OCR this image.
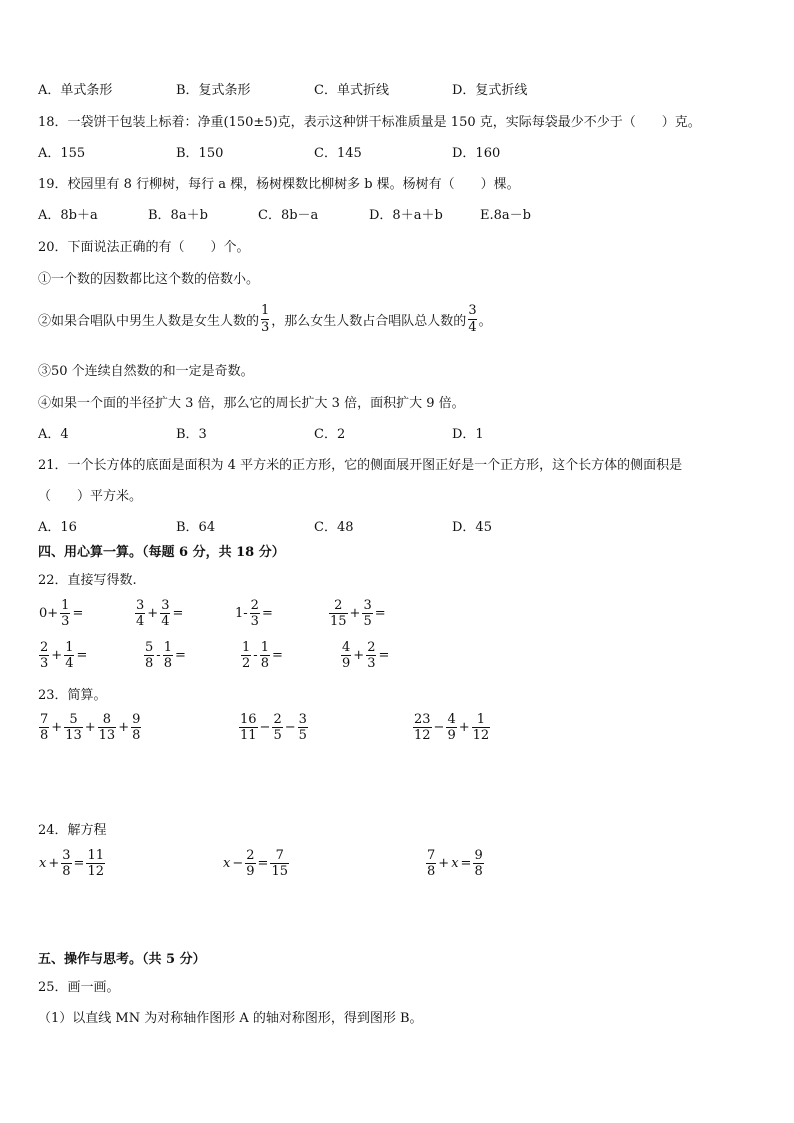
A．单式条形	B．复式条形	C．单式折线	D．复式折线
18．一袋饼干包装上标着：净重(150±5)克，表示这种饼干标准质量是 150 克，实际每袋最少不少于（　　）克。
A．155	B．150	C．145	D．160
19．校园里有 8 行柳树，每行 a 棵，杨树棵数比柳树多 b 棵。杨树有（　　）棵。
A．8b＋a	B．8a＋b	C．8b－a	D．8＋a＋b	E.8a－b
20．下面说法正确的有（　　）个。
①一个数的因数都比这个数的倍数小。
②如果合唱队中男生人数是女生人数的 $\frac{1}{3}$ ，那么女生人数占合唱队总人数的 $\frac{3}{4}$ 。
③50 个连续自然数的和一定是奇数。
④如果一个面的半径扩大 3 倍，那么它的周长扩大 3 倍，面积扩大 9 倍。
A．4	B．3	C．2	D．1
21．一个长方体的底面是面积为 4 平方米的正方形，它的侧面展开图正好是一个正方形，这个长方体的侧面积是
（　　）平方米。
A．16	B．64	C．48	D．45
四、用心算一算。（每题 6 分，共 18 分）
22．直接写得数.
$0+ \frac{1}{3}$ =	$\frac{3}{4} + \frac{3}{4}$ =	$1- \frac{2}{3}$ =	$\frac{2}{15} + \frac{3}{5}$ =
$\frac{2}{3} + \frac{1}{4}$ =	$\frac{5}{8} - \frac{1}{8}$ =	$\frac{1}{2} - \frac{1}{8}$ =	$\frac{4}{9} + \frac{2}{3}$ =
23．简算。
$\frac{7}{8} + \frac{5}{13} + \frac{8}{13} + \frac{9}{8}$	$\frac{16}{11} - \frac{2}{5} - \frac{3}{5}$	$\frac{23}{12} - \frac{4}{9} + \frac{1}{12}$
24．解方程
$x + \frac{3}{8} = \frac{11}{12}$	$x - \frac{2}{9} = \frac{7}{15}$	$\frac{7}{8} + x = \frac{9}{8}$
五、操作与思考。（共 5 分）
25．画一画。
（1）以直线 MN 为对称轴作图形 A 的轴对称图形，得到图形 B。
